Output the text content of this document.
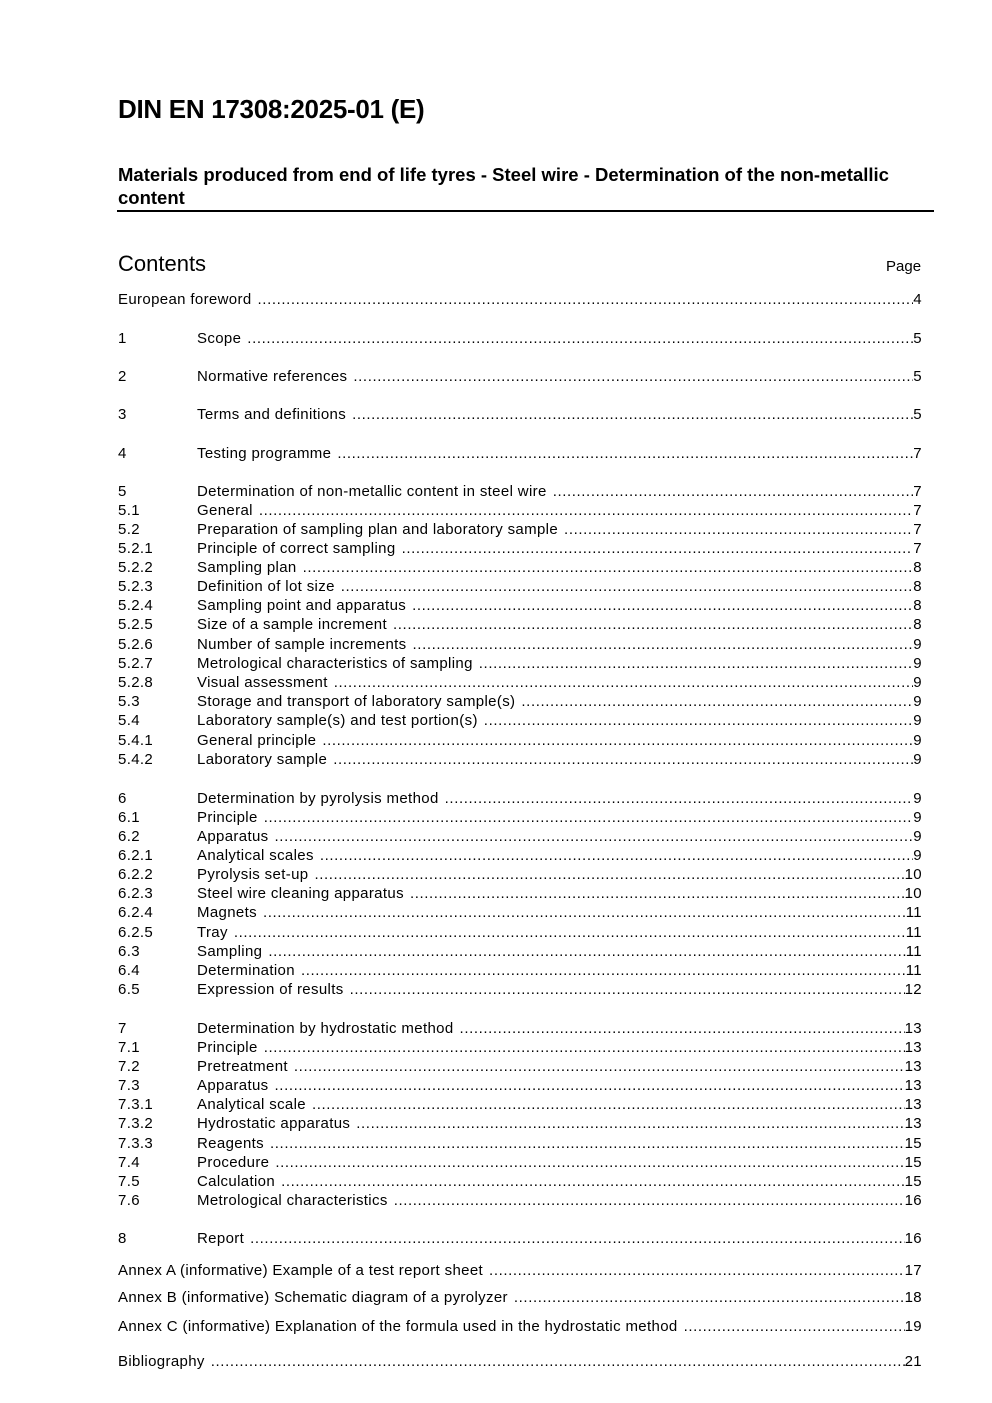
DIN EN 17308:2025-01 (E)
Materials produced from end of life tyres - Steel wire - Determination of the non-metallic content
Contents	Page
European foreword .....	4
1	Scope .....	5
2	Normative references .....	5
3	Terms and definitions .....	5
4	Testing programme .....	7
5	Determination of non-metallic content in steel wire .....	7
5.1	General .....	7
5.2	Preparation of sampling plan and laboratory sample .....	7
5.2.1	Principle of correct sampling .....	7
5.2.2	Sampling plan .....	8
5.2.3	Definition of lot size .....	8
5.2.4	Sampling point and apparatus .....	8
5.2.5	Size of a sample increment .....	8
5.2.6	Number of sample increments .....	9
5.2.7	Metrological characteristics of sampling .....	9
5.2.8	Visual assessment .....	9
5.3	Storage and transport of laboratory sample(s) .....	9
5.4	Laboratory sample(s) and test portion(s) .....	9
5.4.1	General principle .....	9
5.4.2	Laboratory sample .....	9
6	Determination by pyrolysis method .....	9
6.1	Principle .....	9
6.2	Apparatus .....	9
6.2.1	Analytical scales .....	9
6.2.2	Pyrolysis set-up .....	10
6.2.3	Steel wire cleaning apparatus .....	10
6.2.4	Magnets .....	11
6.2.5	Tray .....	11
6.3	Sampling .....	11
6.4	Determination .....	11
6.5	Expression of results .....	12
7	Determination by hydrostatic method .....	13
7.1	Principle .....	13
7.2	Pretreatment .....	13
7.3	Apparatus .....	13
7.3.1	Analytical scale .....	13
7.3.2	Hydrostatic apparatus .....	13
7.3.3	Reagents .....	15
7.4	Procedure .....	15
7.5	Calculation .....	15
7.6	Metrological characteristics .....	16
8	Report .....	16
Annex A (informative) Example of a test report sheet .....	17
Annex B (informative) Schematic diagram of a pyrolyzer .....	18
Annex C (informative) Explanation of the formula used in the hydrostatic method .....	19
Bibliography .....	21
